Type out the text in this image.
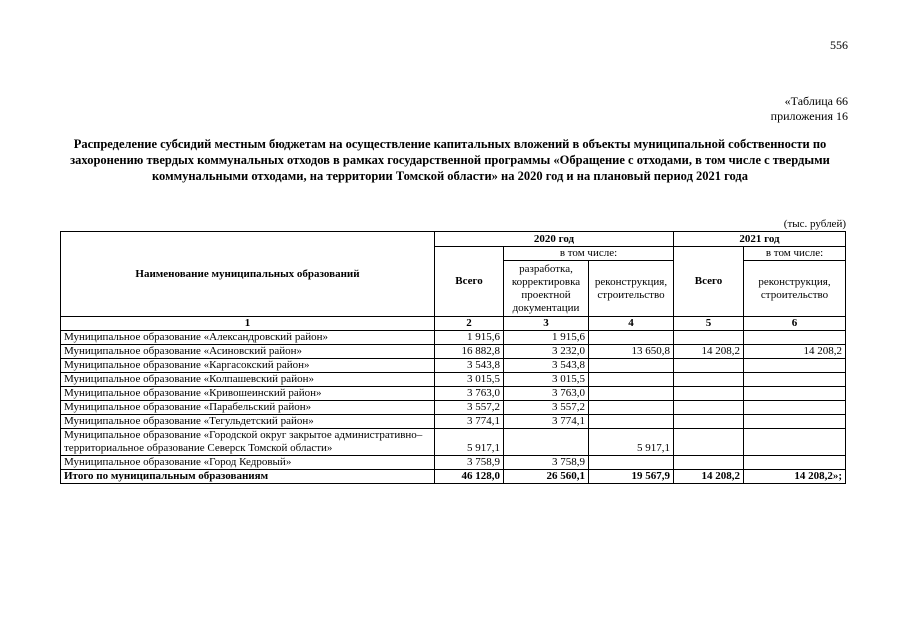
556
«Таблица 66
приложения 16
Распределение субсидий местным бюджетам на осуществление капитальных вложений в объекты муниципальной собственности по захоронению твердых коммунальных отходов в рамках государственной программы «Обращение с отходами, в том числе с твердыми коммунальными отходами, на территории Томской области» на 2020 год и на плановый период 2021 года
(тыс. рублей)
Наименование муниципальных образований	2020 год			2021 год	
	Всего	в том числе:		Всего	в том числе:
		разработка, корректировка проектной документации	реконструкция, строительство		реконструкция, строительство
1	2	3	4	5	6
Муниципальное образование «Александровский район»	1 915,6	1 915,6			
Муниципальное образование «Асиновский район»	16 882,8	3 232,0	13 650,8	14 208,2	14 208,2
Муниципальное образование «Каргасокский район»	3 543,8	3 543,8			
Муниципальное образование «Колпашевский район»	3 015,5	3 015,5			
Муниципальное образование «Кривошеинский район»	3 763,0	3 763,0			
Муниципальное образование «Парабельский район»	3 557,2	3 557,2			
Муниципальное образование «Тегульдетский район»	3 774,1	3 774,1			
Муниципальное образование «Городской округ закрытое административно–территориальное образование Северск Томской области»	5 917,1		5 917,1		
Муниципальное образование «Город Кедровый»	3 758,9	3 758,9			
Итого по муниципальным образованиям	46 128,0	26 560,1	19 567,9	14 208,2	14 208,2»;
